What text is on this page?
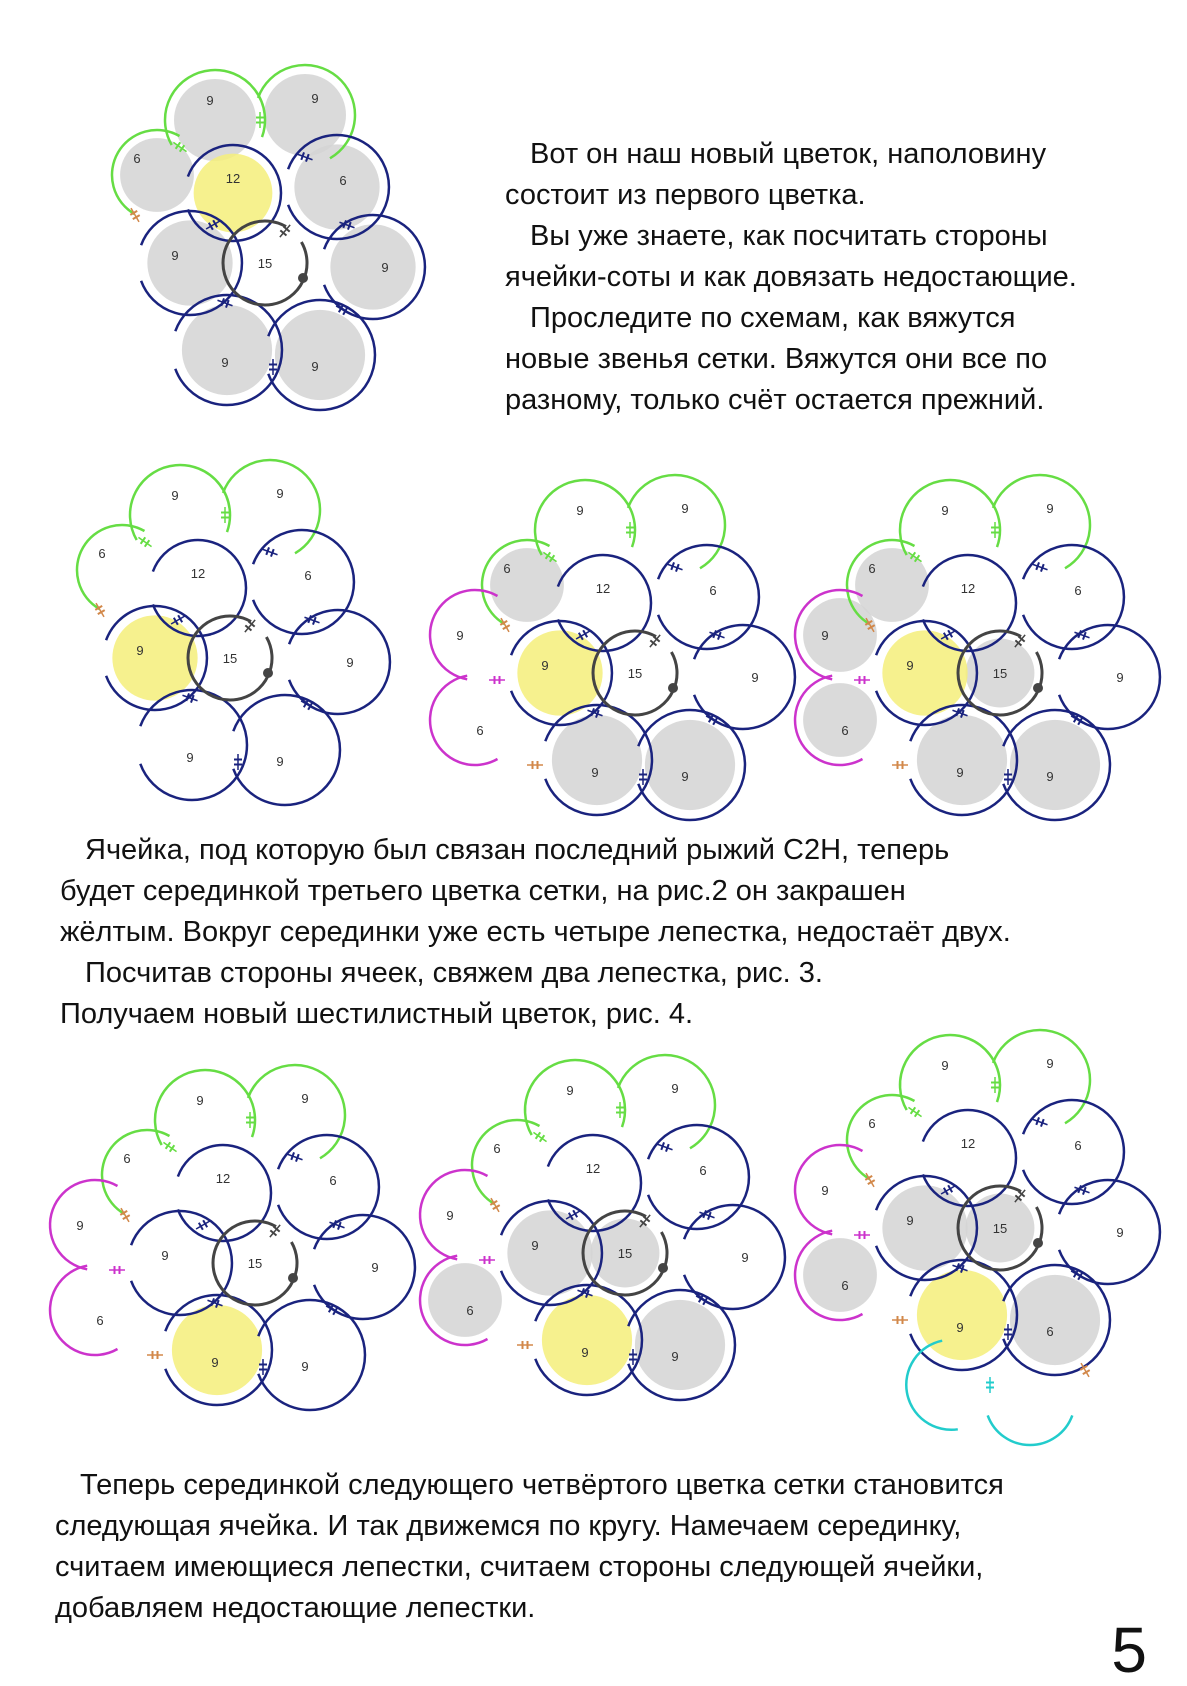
Вот он наш новый цветок, наполовину

состоит из первого цветка.

Вы уже знаете, как посчитать стороны

ячейки-соты и как довязать недостающие.

Проследите по схемам, как вяжутся

новые звенья сетки. Вяжутся они все по

разному, только счёт остается прежний.

Ячейка, под которую был связан последний рыжий С2Н, теперь

будет серединкой третьего цветка сетки, на рис.2 он закрашен

жёлтым. Вокруг серединки уже есть четыре лепестка, недостаёт двух.

Посчитав стороны ячеек, свяжем два лепестка, рис. 3.

Получаем новый шестилистный цветок, рис. 4.

Теперь серединкой следующего четвёртого цветка сетки становится

следующая ячейка. И так движемся по кругу. Намечаем серединку,

считаем имеющиеся лепестки, считаем стороны следующей ячейки,

добавляем недостающие лепестки.

5
9	9
6
12	6
9
15	9
9	9
9	9
6
12	6
9
15	9
9	9
9	9
6
12	6
9
15	9
9	9
9
6
9	9
6
12	6
9
15	9
9	9
9
6
9	9
6
12	6
9
15	9
9	9
9
6
9	9
6
12	6
9
15	9
9	9
9
6
9	9
6
12	6
9
15	9
9	6
9
6
